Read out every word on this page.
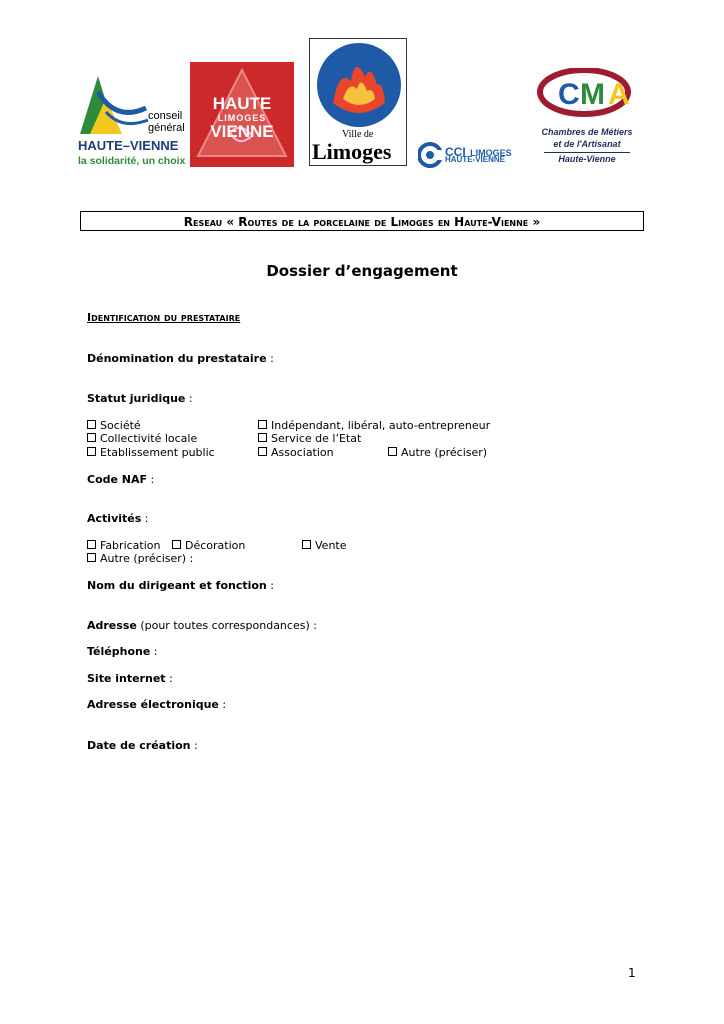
conseil
général
HAUTE–VIENNE
la solidarité, un choix
HAUTE
LIMOGES
VIENNE	Ville de
Limoges	CCI LIMOGES
HAUTE-VIENNE
C M A
Chambres de Métiers
et de l'Artisanat
Haute-Vienne
Reseau « Routes de la porcelaine de Limoges en Haute-Vienne »
Dossier d’engagement
Identification du prestataire
Dénomination du prestataire :
Statut juridique :
Société	Indépendant, libéral, auto-entrepreneur
Collectivité locale	Service de l’Etat
Etablissement public	Association	Autre (préciser)
Code NAF :
Activités :
Fabrication	Décoration	Vente
Autre (préciser) :
Nom du dirigeant et fonction :
Adresse (pour toutes correspondances) :
Téléphone :
Site internet :
Adresse électronique :
Date de création :
1
